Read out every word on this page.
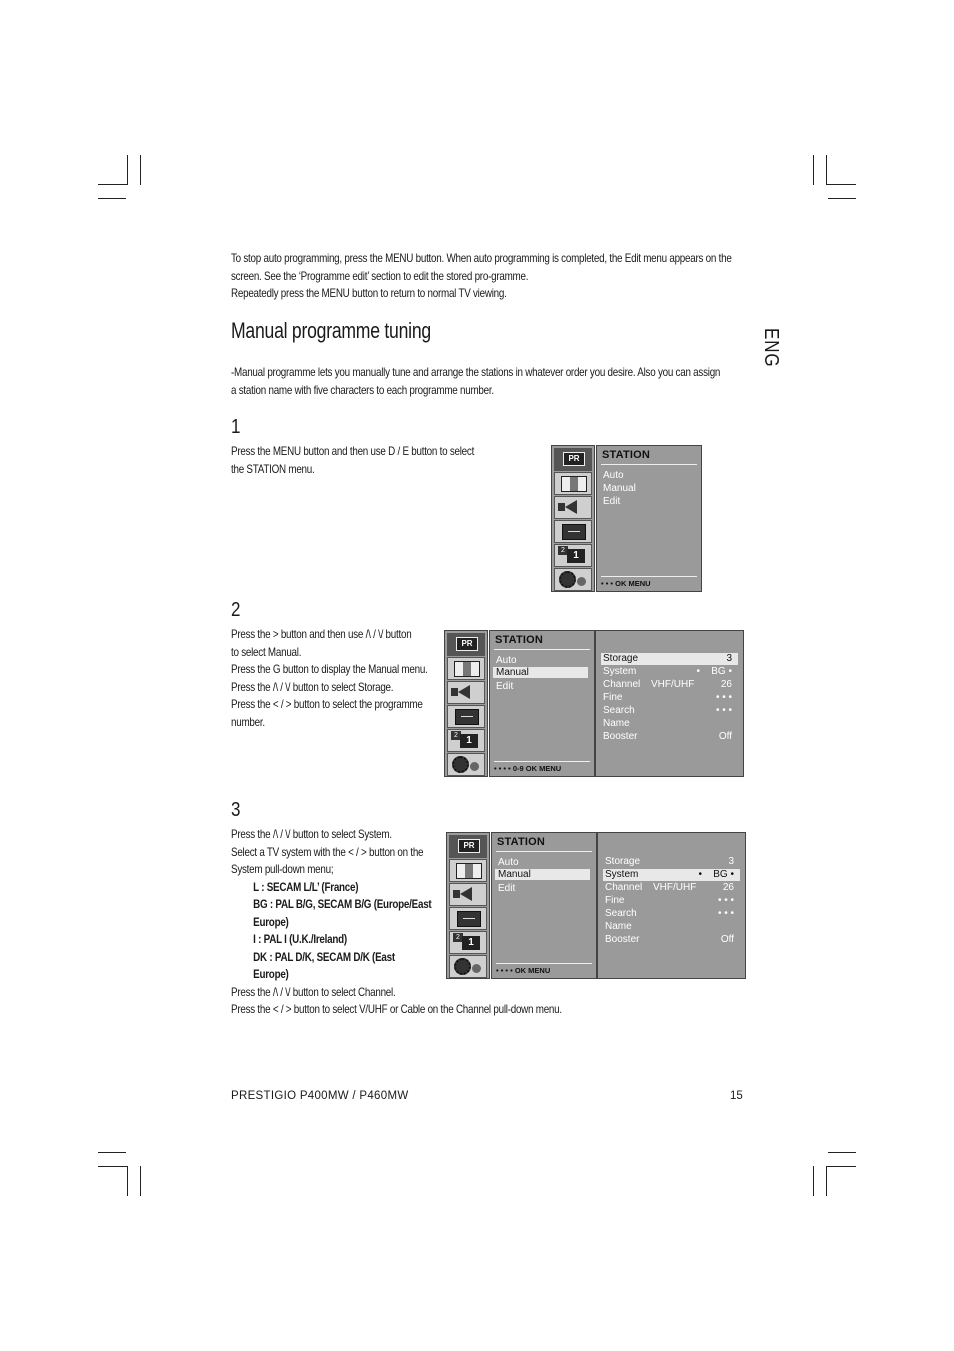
To stop auto programming, press the MENU button. When auto programming is completed, the Edit menu appears on the
screen. See the ‘Programme edit’ section to edit the stored pro-gramme.
Repeatedly press the MENU button to return to normal TV viewing.
Manual programme tuning	ENG
-Manual programme lets you manually tune and arrange the stations in whatever order you desire. Also you can assign
a station name with five characters to each programme number.
1
Press the MENU button and then use D / E button to select
the STATION menu.
PR
2 1
STATION
Auto
Manual
Edit
• • • OK MENU
2
Press the > button and then use /\ / \/ button
to select Manual.
Press the G button to display the Manual menu.
Press the /\ / \/ button to select Storage.
Press the < / > button to select the programme
number.
PR
2 1
STATION
Auto
Manual
Edit
• • • • 0-9 OK MENU
Storage	3
System	• BG •
Channel VHF/UHF	26
Fine	• • •
Search	• • •
Name
Booster	Off
3
Press the /\ / \/ button to select System.
Select a TV system with the < / > button on the
System pull-down menu;
L : SECAM L/L’ (France)
BG : PAL B/G, SECAM B/G (Europe/East
Europe)
I : PAL I (U.K./Ireland)
DK : PAL D/K, SECAM D/K (East
Europe)
Press the /\ / \/ button to select Channel.
Press the < / > button to select V/UHF or Cable on the Channel pull-down menu.
PR
2 1
STATION
Auto
Manual
Edit
• • • • OK MENU
Storage	3
System	• BG •
Channel VHF/UHF	26
Fine	• • •
Search	• • •
Name
Booster	Off
PRESTIGIO P400MW / P460MW	15
